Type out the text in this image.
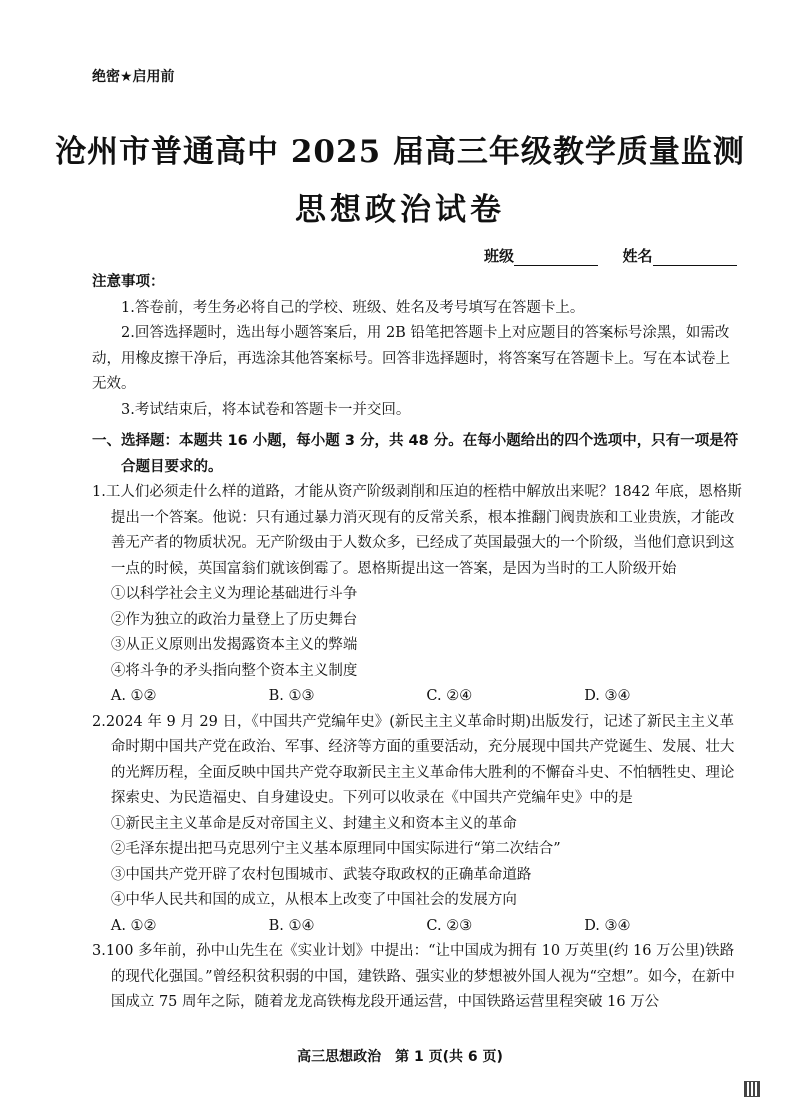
绝密★启用前
沧州市普通高中 2025 届高三年级教学质量监测
思想政治试卷
班级	姓名

注意事项：

1.答卷前，考生务必将自己的学校、班级、姓名及考号填写在答题卡上。

2.回答选择题时，选出每小题答案后，用 2B 铅笔把答题卡上对应题目的答案标号涂黑，如需改动，用橡皮擦干净后，再选涂其他答案标号。回答非选择题时，将答案写在答题卡上。写在本试卷上无效。

3.考试结束后，将本试卷和答题卡一并交回。

一、选择题：本题共 16 小题，每小题 3 分，共 48 分。在每小题给出的四个选项中，只有一项是符合题目要求的。

1.工人们必须走什么样的道路，才能从资产阶级剥削和压迫的桎梏中解放出来呢？1842 年底，恩格斯提出一个答案。他说：只有通过暴力消灭现有的反常关系，根本推翻门阀贵族和工业贵族，才能改善无产者的物质状况。无产阶级由于人数众多，已经成了英国最强大的一个阶级，当他们意识到这一点的时候，英国富翁们就该倒霉了。恩格斯提出这一答案，是因为当时的工人阶级开始

①以科学社会主义为理论基础进行斗争

②作为独立的政治力量登上了历史舞台

③从正义原则出发揭露资本主义的弊端

④将斗争的矛头指向整个资本主义制度

A. ①②	B. ①③	C. ②④	D. ③④

2.2024 年 9 月 29 日，《中国共产党编年史》(新民主主义革命时期)出版发行，记述了新民主主义革命时期中国共产党在政治、军事、经济等方面的重要活动，充分展现中国共产党诞生、发展、壮大的光辉历程，全面反映中国共产党夺取新民主主义革命伟大胜利的不懈奋斗史、不怕牺牲史、理论探索史、为民造福史、自身建设史。下列可以收录在《中国共产党编年史》中的是

①新民主主义革命是反对帝国主义、封建主义和资本主义的革命

②毛泽东提出把马克思列宁主义基本原理同中国实际进行“第二次结合”

③中国共产党开辟了农村包围城市、武装夺取政权的正确革命道路

④中华人民共和国的成立，从根本上改变了中国社会的发展方向

A. ①②	B. ①④	C. ②③	D. ③④

3.100 多年前，孙中山先生在《实业计划》中提出：“让中国成为拥有 10 万英里(约 16 万公里)铁路的现代化强国。”曾经积贫积弱的中国，建铁路、强实业的梦想被外国人视为“空想”。如今，在新中国成立 75 周年之际，随着龙龙高铁梅龙段开通运营，中国铁路运营里程突破 16 万公

高三思想政治　第 1 页(共 6 页)
